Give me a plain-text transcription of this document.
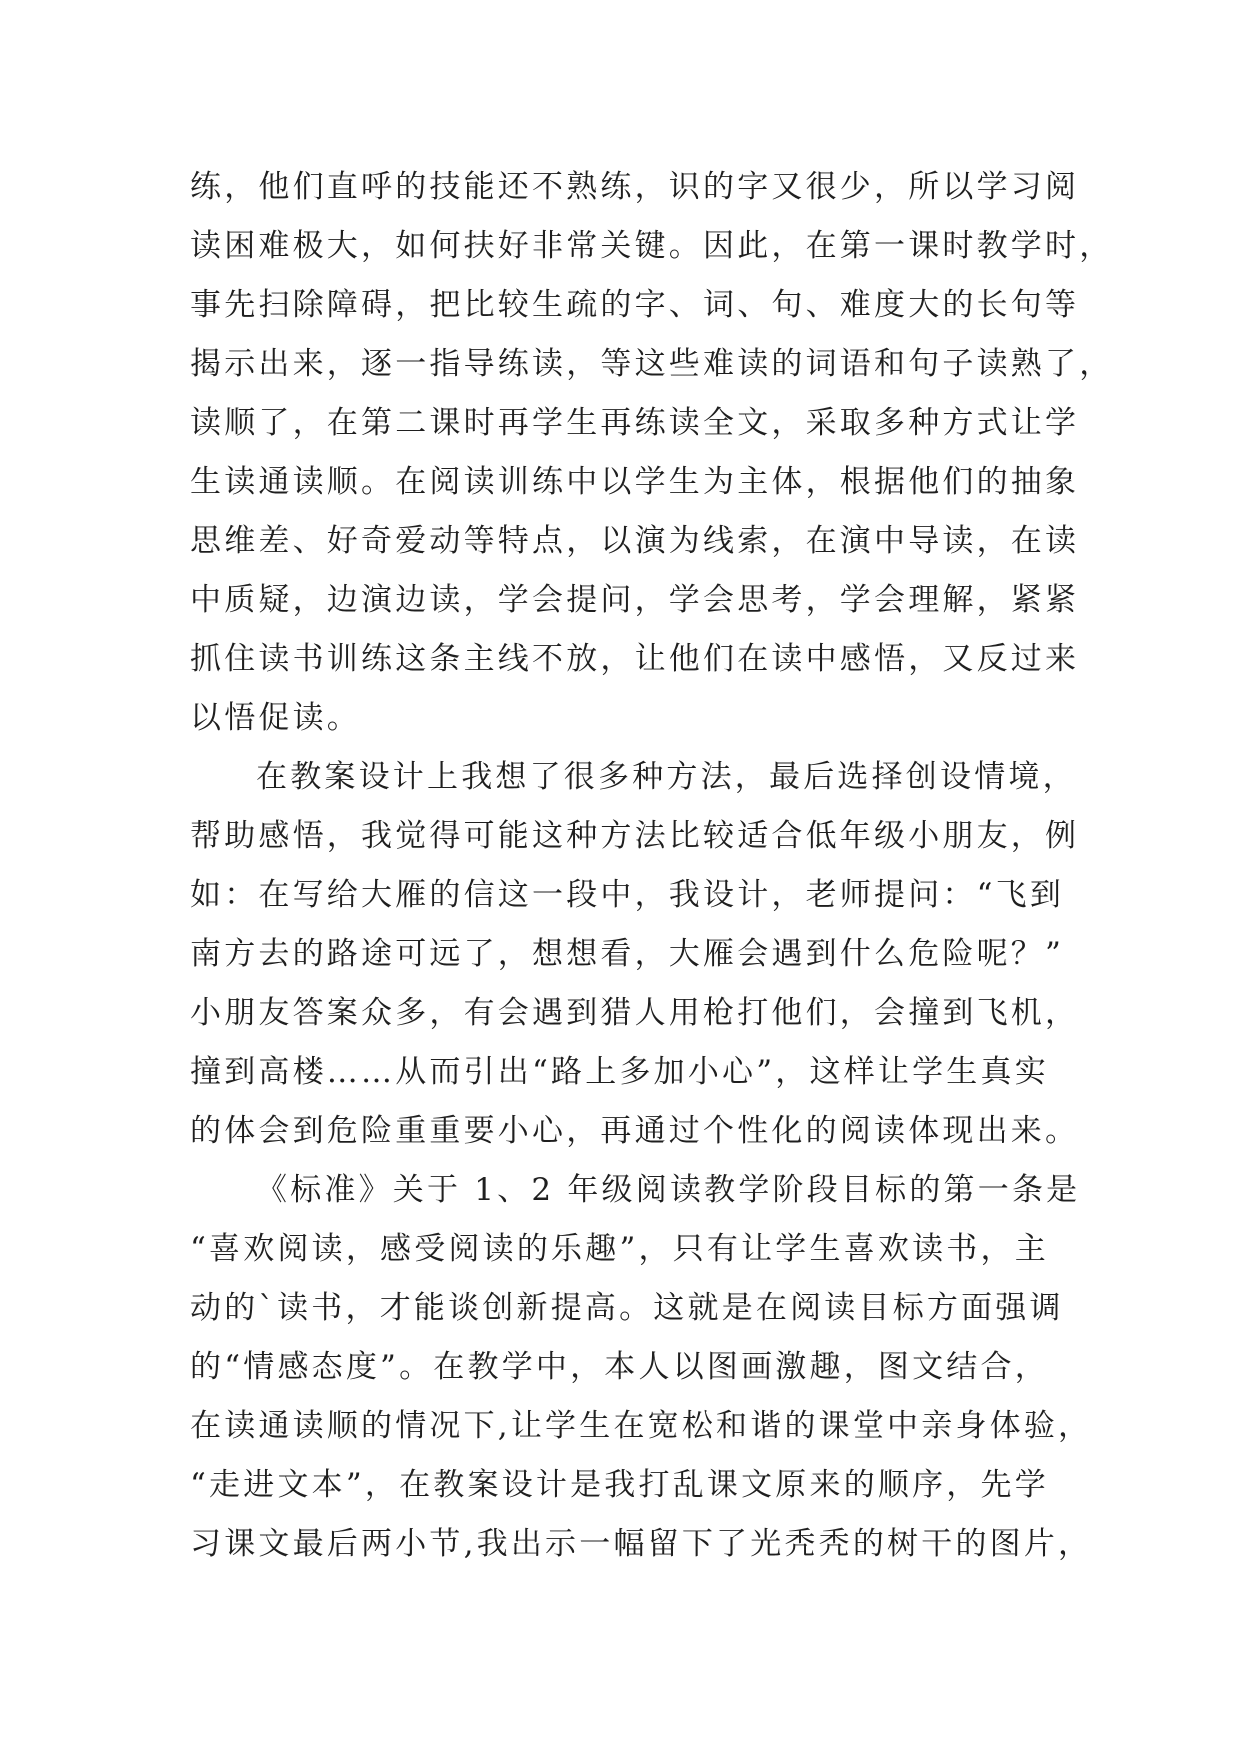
练，他们直呼的技能还不熟练，识的字又很少，所以学习阅
读困难极大，如何扶好非常关键。因此，在第一课时教学时，
事先扫除障碍，把比较生疏的字、词、句、难度大的长句等
揭示出来，逐一指导练读，等这些难读的词语和句子读熟了，
读顺了，在第二课时再学生再练读全文，采取多种方式让学
生读通读顺。在阅读训练中以学生为主体，根据他们的抽象
思维差、好奇爱动等特点，以演为线索，在演中导读，在读
中质疑，边演边读，学会提问，学会思考，学会理解，紧紧
抓住读书训练这条主线不放，让他们在读中感悟，又反过来
以悟促读。
在教案设计上我想了很多种方法，最后选择创设情境，
帮助感悟，我觉得可能这种方法比较适合低年级小朋友，例
如：在写给大雁的信这一段中，我设计，老师提问：“飞到
南方去的路途可远了，想想看，大雁会遇到什么危险呢？”
小朋友答案众多，有会遇到猎人用枪打他们，会撞到飞机，
撞到高楼……从而引出“路上多加小心”，这样让学生真实
的体会到危险重重要小心，再通过个性化的阅读体现出来。
《标准》关于 1、2 年级阅读教学阶段目标的第一条是
“喜欢阅读，感受阅读的乐趣”，只有让学生喜欢读书，主
动的`读书，才能谈创新提高。这就是在阅读目标方面强调
的“情感态度”。在教学中，本人以图画激趣，图文结合，
在读通读顺的情况下,让学生在宽松和谐的课堂中亲身体验，
“走进文本”，在教案设计是我打乱课文原来的顺序，先学
习课文最后两小节,我出示一幅留下了光秃秃的树干的图片，
